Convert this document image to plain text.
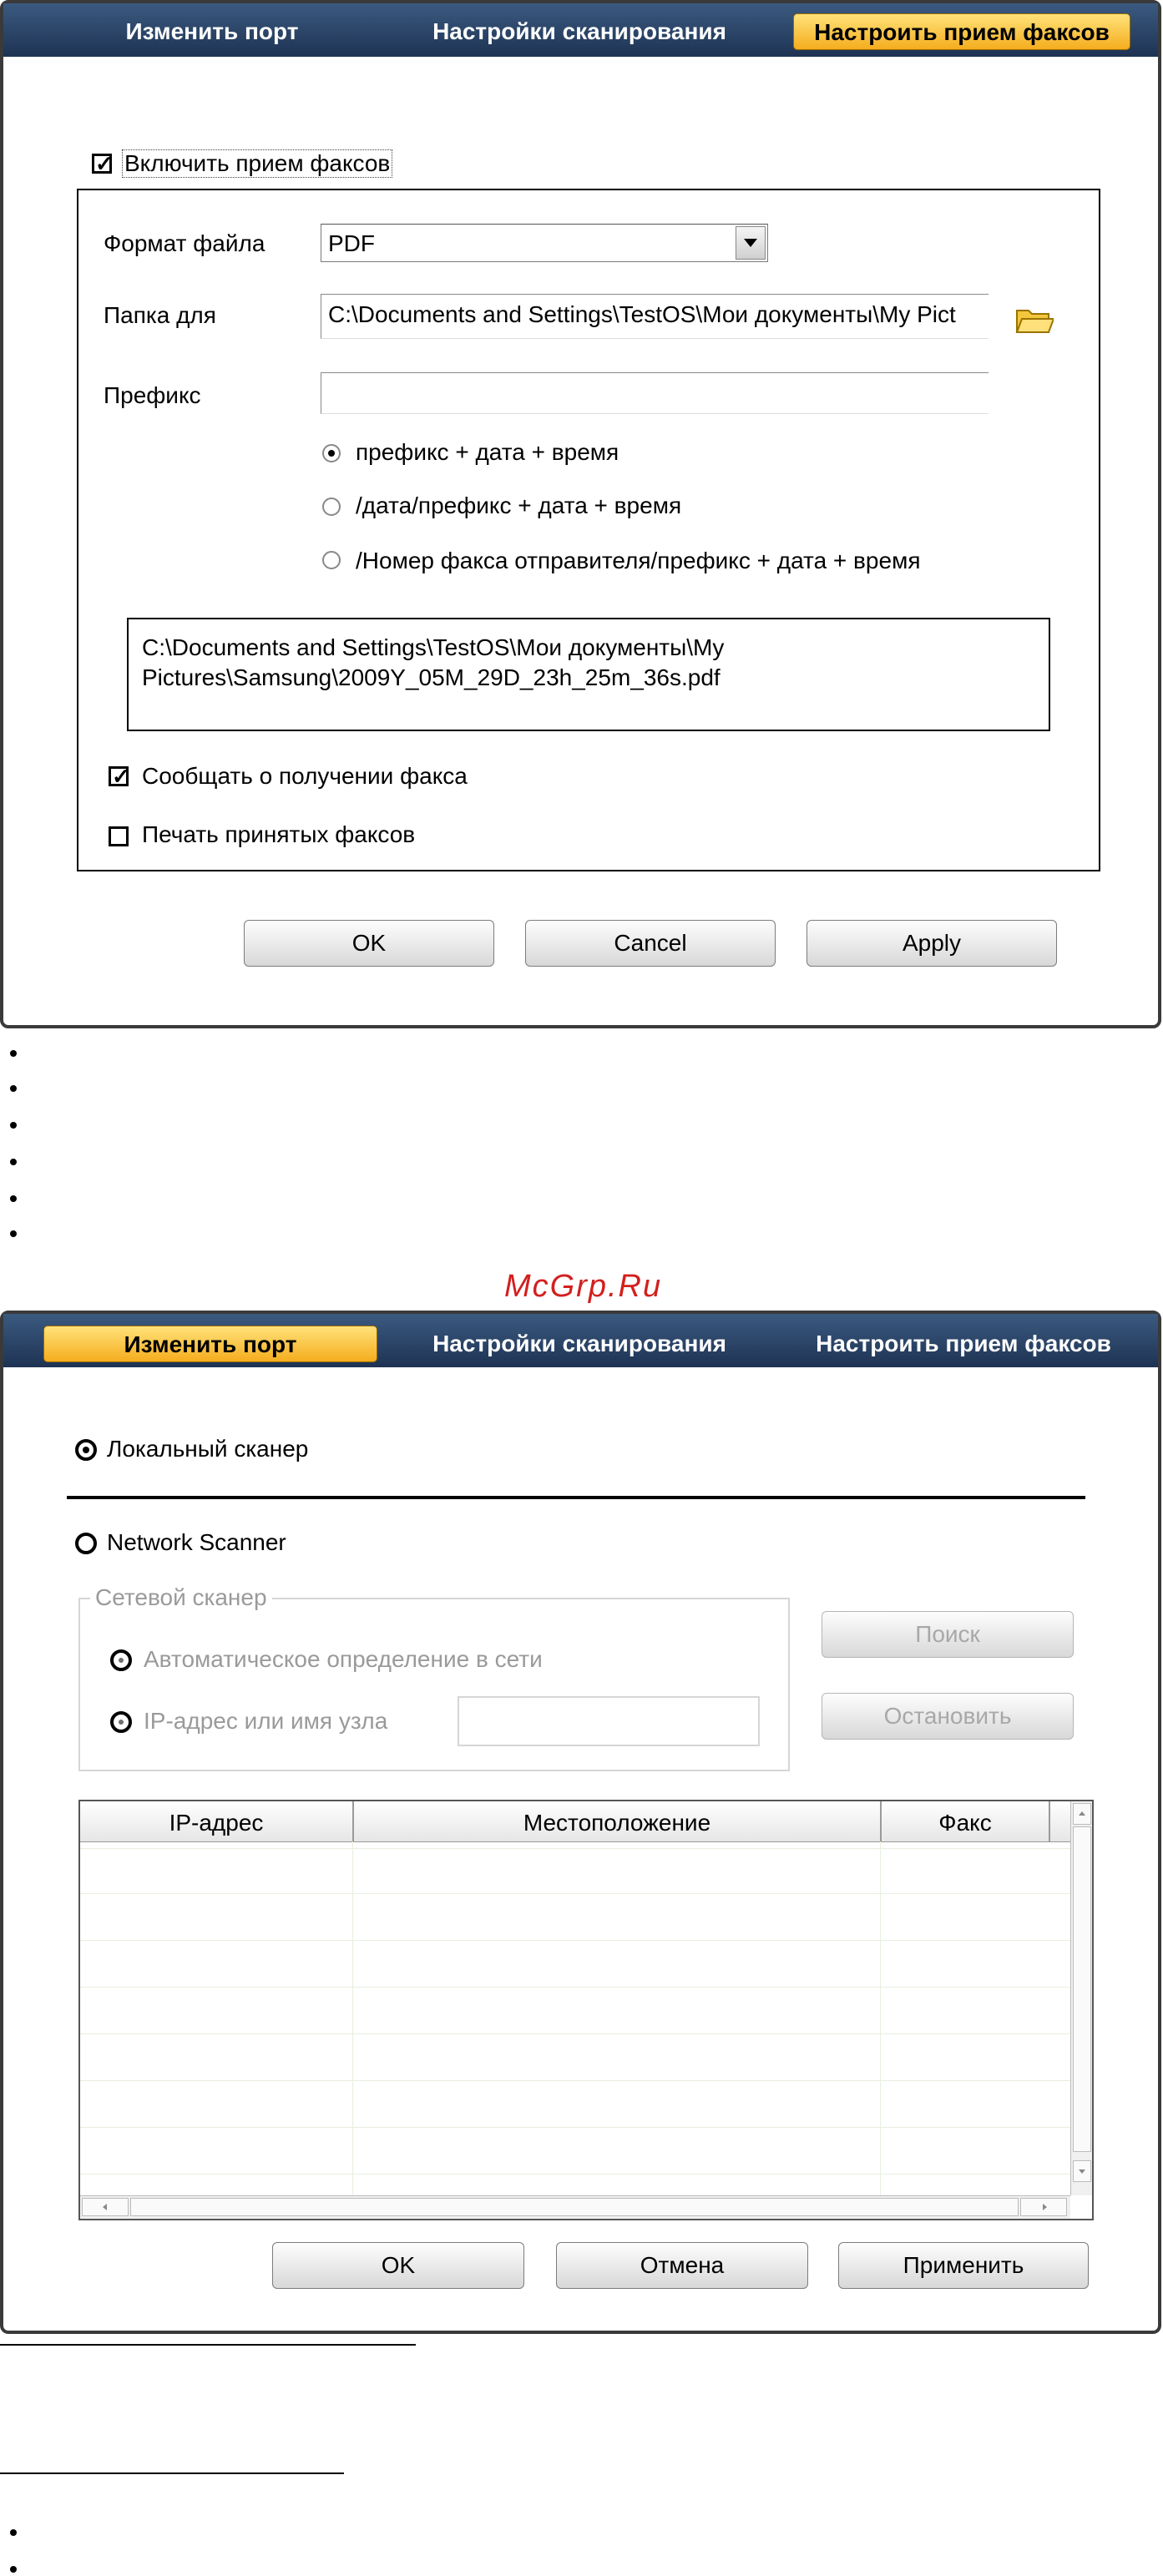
Изменить порт	Настройки сканирования	Настроить прием факсов
✓ Включить прием факсов
Формат файла	PDF
Папка для	C:\Documents and Settings\TestOS\Мои документы\My Pict
Префикс
префикс + дата + время
/дата/префикс + дата + время
/Номер факса отправителя/префикс + дата + время
C:\Documents and Settings\TestOS\Мои документы\My
Pictures\Samsung\2009Y_05M_29D_23h_25m_36s.pdf
✓ Сообщать о получении факса
Печать принятых факсов
OK	Cancel	Apply
McGrp.Ru
Изменить порт	Настройки сканирования	Настроить прием факсов
Локальный сканер
Network Scanner
Сетевой сканер
Автоматическое определение в сети
IP-адрес или имя узла
Поиск
Остановить
IP-адрес	Местоположение	Факс
OK	Отмена	Применить
